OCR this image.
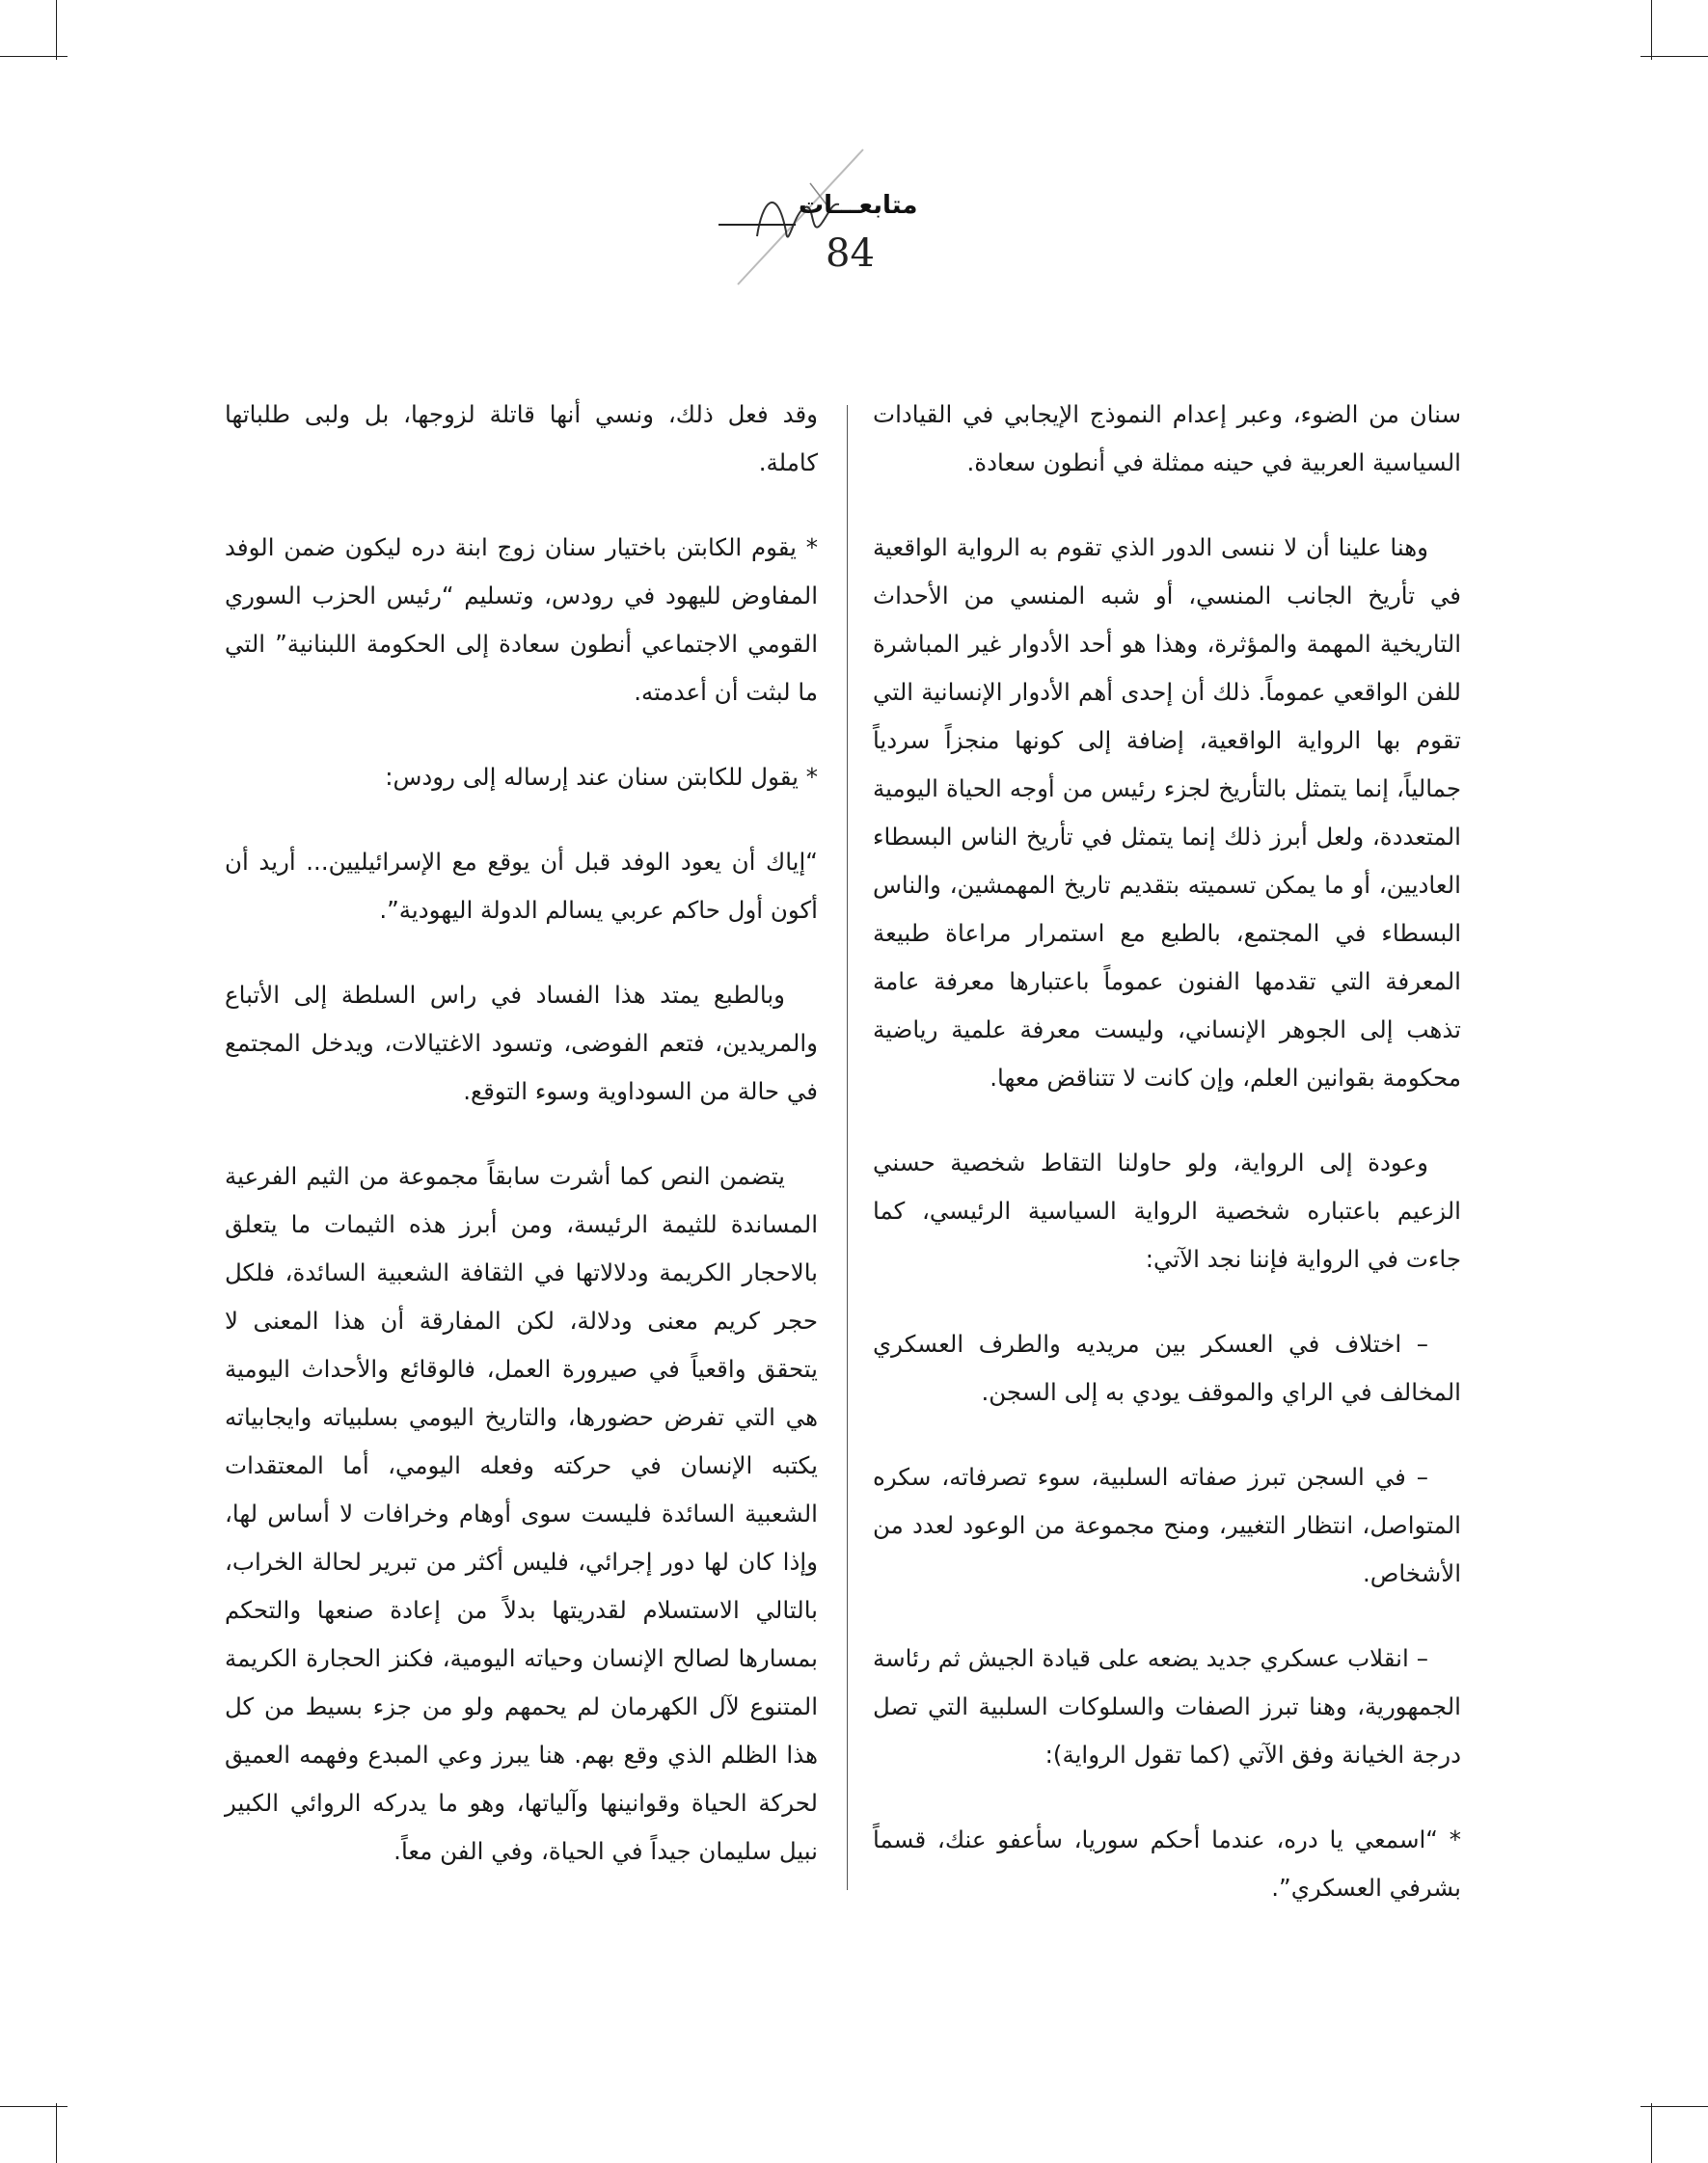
متابعـــات
84

سنان من الضوء، وعبر إعدام النموذج الإيجابي في القيادات السياسية العربية في حينه ممثلة في أنطون سعادة.

وهنا علينا أن لا ننسى الدور الذي تقوم به الرواية الواقعية في تأريخ الجانب المنسي، أو شبه المنسي من الأحداث التاريخية المهمة والمؤثرة، وهذا هو أحد الأدوار غير المباشرة للفن الواقعي عموماً. ذلك أن إحدى أهم الأدوار الإنسانية التي تقوم بها الرواية الواقعية، إضافة إلى كونها منجزاً سردياً جمالياً، إنما يتمثل بالتأريخ لجزء رئيس من أوجه الحياة اليومية المتعددة، ولعل أبرز ذلك إنما يتمثل في تأريخ الناس البسطاء العاديين، أو ما يمكن تسميته بتقديم تاريخ المهمشين، والناس البسطاء في المجتمع، بالطبع مع استمرار مراعاة طبيعة المعرفة التي تقدمها الفنون عموماً باعتبارها معرفة عامة تذهب إلى الجوهر الإنساني، وليست معرفة علمية رياضية محكومة بقوانين العلم، وإن كانت لا تتناقض معها.

وعودة إلى الرواية، ولو حاولنا التقاط شخصية حسني الزعيم باعتباره شخصية الرواية السياسية الرئيسي، كما جاءت في الرواية فإننا نجد الآتي:

– اختلاف في العسكر بين مريديه والطرف العسكري المخالف في الراي والموقف يودي به إلى السجن.

– في السجن تبرز صفاته السلبية، سوء تصرفاته، سكره المتواصل، انتظار التغيير، ومنح مجموعة من الوعود لعدد من الأشخاص.

– انقلاب عسكري جديد يضعه على قيادة الجيش ثم رئاسة الجمهورية، وهنا تبرز الصفات والسلوكات السلبية التي تصل درجة الخيانة وفق الآتي (كما تقول الرواية):

* “اسمعي يا دره، عندما أحكم سوريا، سأعفو عنك، قسماً بشرفي العسكري”.

وقد فعل ذلك، ونسي أنها قاتلة لزوجها، بل ولبى طلباتها كاملة.

* يقوم الكابتن باختيار سنان زوج ابنة دره ليكون ضمن الوفد المفاوض لليهود في رودس، وتسليم “رئيس الحزب السوري القومي الاجتماعي أنطون سعادة إلى الحكومة اللبنانية” التي ما لبثت أن أعدمته.

* يقول للكابتن سنان عند إرساله إلى رودس:

“إياك أن يعود الوفد قبل أن يوقع مع الإسرائيليين... أريد أن أكون أول حاكم عربي يسالم الدولة اليهودية”.

وبالطبع يمتد هذا الفساد في راس السلطة إلى الأتباع والمريدين، فتعم الفوضى، وتسود الاغتيالات، ويدخل المجتمع في حالة من السوداوية وسوء التوقع.

يتضمن النص كما أشرت سابقاً مجموعة من الثيم الفرعية المساندة للثيمة الرئيسة، ومن أبرز هذه الثيمات ما يتعلق بالاحجار الكريمة ودلالاتها في الثقافة الشعبية السائدة، فلكل حجر كريم معنى ودلالة، لكن المفارقة أن هذا المعنى لا يتحقق واقعياً في صيرورة العمل، فالوقائع والأحداث اليومية هي التي تفرض حضورها، والتاريخ اليومي بسلبياته وايجابياته يكتبه الإنسان في حركته وفعله اليومي، أما المعتقدات الشعبية السائدة فليست سوى أوهام وخرافات لا أساس لها، وإذا كان لها دور إجرائي، فليس أكثر من تبرير لحالة الخراب، بالتالي الاستسلام لقدريتها بدلاً من إعادة صنعها والتحكم بمسارها لصالح الإنسان وحياته اليومية، فكنز الحجارة الكريمة المتنوع لآل الكهرمان لم يحمهم ولو من جزء بسيط من كل هذا الظلم الذي وقع بهم. هنا يبرز وعي المبدع وفهمه العميق لحركة الحياة وقوانينها وآلياتها، وهو ما يدركه الروائي الكبير نبيل سليمان جيداً في الحياة، وفي الفن معاً.
